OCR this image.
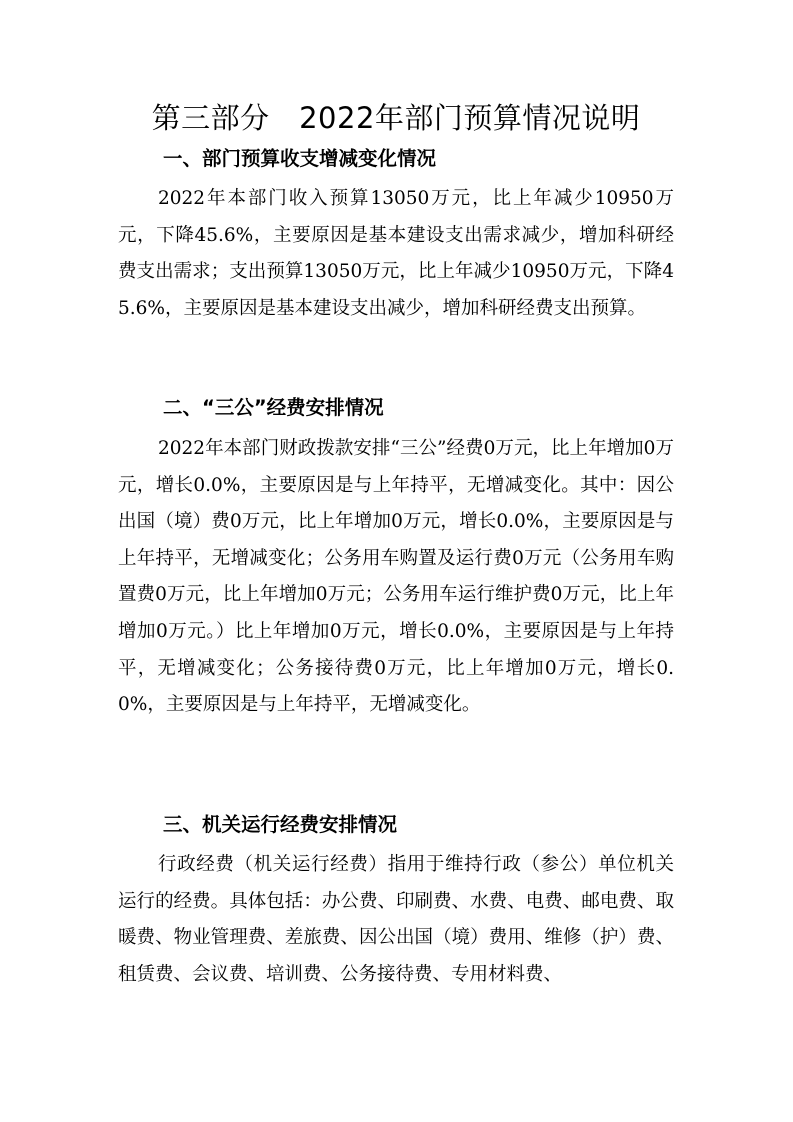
第三部分　2022年部门预算情况说明
一、部门预算收支增减变化情况

2022年本部门收入预算13050万元，比上年减少10950万元，下降45.6%，主要原因是基本建设支出需求减少，增加科研经费支出需求；支出预算13050万元，比上年减少10950万元，下降45.6%，主要原因是基本建设支出减少，增加科研经费支出预算。

二、“三公”经费安排情况

2022年本部门财政拨款安排“三公”经费0万元，比上年增加0万元，增长0.0%，主要原因是与上年持平，无增减变化。其中：因公出国（境）费0万元，比上年增加0万元，增长0.0%，主要原因是与上年持平，无增减变化；公务用车购置及运行费0万元（公务用车购置费0万元，比上年增加0万元；公务用车运行维护费0万元，比上年增加0万元。）比上年增加0万元，增长0.0%，主要原因是与上年持平，无增减变化；公务接待费0万元，比上年增加0万元，增长0.0%，主要原因是与上年持平，无增减变化。

三、机关运行经费安排情况

行政经费（机关运行经费）指用于维持行政（参公）单位机关运行的经费。具体包括：办公费、印刷费、水费、电费、邮电费、取暖费、物业管理费、差旅费、因公出国（境）费用、维修（护）费、租赁费、会议费、培训费、公务接待费、专用材料费、
